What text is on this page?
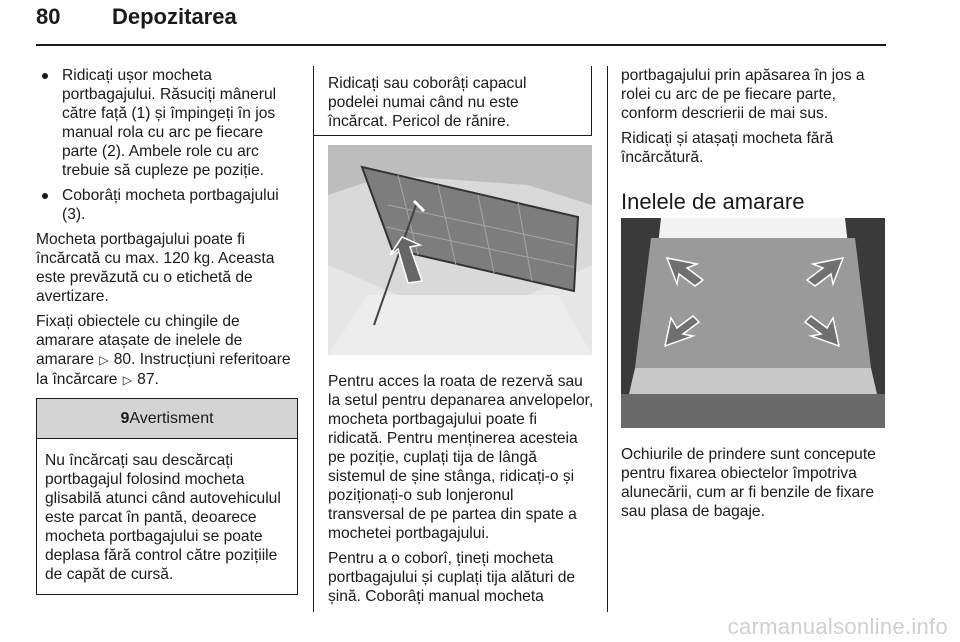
80 Depozitarea
Ridicați ușor mocheta portbagajului. Răsuciți mânerul către față (1) și împingeți în jos manual rola cu arc pe fiecare parte (2). Ambele role cu arc trebuie să cupleze pe poziție.
Coborâți mocheta portbagajului (3).

Mocheta portbagajului poate fi încărcată cu max. 120 kg. Aceasta este prevăzută cu o etichetă de avertizare.

Fixați obiectele cu chingile de amarare atașate de inelele de amarare ▷ 80. Instrucțiuni referitoare la încărcare ▷ 87.

9Avertisment
Nu încărcați sau descărcați portbagajul folosind mocheta glisabilă atunci când autovehiculul este parcat în pantă, deoarece mocheta portbagajului se poate deplasa fără control către pozițiile de capăt de cursă.
Ridicați sau coborâți capacul podelei numai când nu este încărcat. Pericol de rănire.

Pentru acces la roata de rezervă sau la setul pentru depanarea anvelopelor, mocheta portbagajului poate fi ridicată. Pentru menținerea acesteia pe poziție, cuplați tija de lângă sistemul de șine stânga, ridicați-o și poziționați-o sub lonjeronul transversal de pe partea din spate a mochetei portbagajului.

Pentru a o coborî, țineți mocheta portbagajului și cuplați tija alături de șină. Coborâți manual mocheta

portbagajului prin apăsarea în jos a rolei cu arc de pe fiecare parte, conform descrierii de mai sus.

Ridicați și atașați mocheta fără încărcătură.

Inelele de amarare

Ochiurile de prindere sunt concepute pentru fixarea obiectelor împotriva alunecării, cum ar fi benzile de fixare sau plasa de bagaje.

carmanualsonline.info
